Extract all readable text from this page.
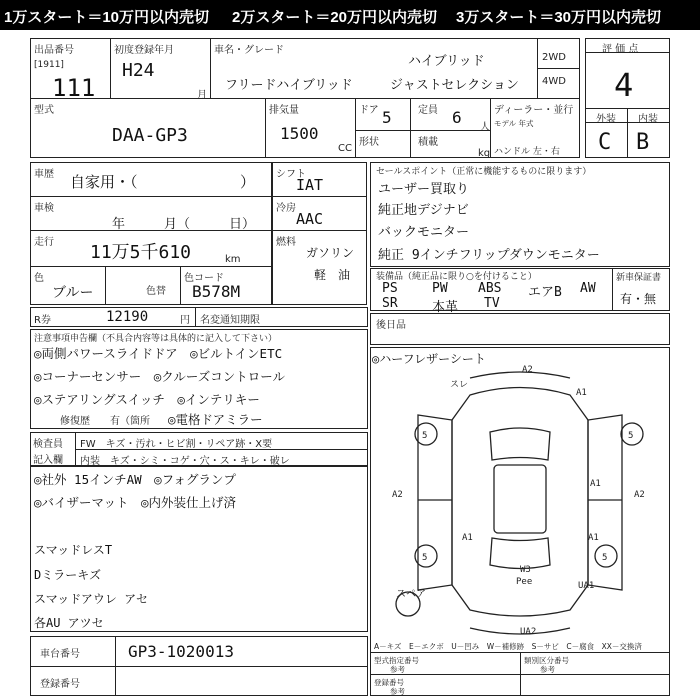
1万スタート＝10万円以内売切 2万スタート＝20万円以内売切 3万スタート＝30万円以内売切
出品番号
[1911]
111
初度登録年月
H24
月
車名・グレード
ハイブリッド
フリードハイブリッド	ジャストセレクション
2WD
4WD
型式
DAA-GP3
排気量
1500
CC
ドア 5	定員 6
人
形状	積載
kg
ディーラー・並行
モデル 年式
ハンドル 左・右
評 価 点
4
外装 内装
C B
車歴 自家用・（	）
車検
年　　　月（　　　日）
走行 11万5千610	km
色
ブルー	色替
色コード
B578M
シフト
IAT
冷房
AAC
燃料
ガソリン
軽　油
セールスポイント（正常に機能するものに限ります）
ユーザー買取り
純正地デジナビ
バックモニター
純正 9インチフリップダウンモニター
装備品（純正品に限り○を付けること）	新車保証書
有・無
PS	PW ABS エアB AW
SR	本革 TV
R券	12190	円 名変通知期限
注意事項申告欄（不具合内容等は具体的に記入して下さい）
◎両側パワースライドドア　◎ビルトインETC
◎コーナーセンサー　◎クルーズコントロール
◎ステアリングスイッチ　◎インテリキー
修復歴 有（箇所 ◎電格ドアミラー
検査員
記入欄
FW　キズ・汚れ・ヒビ割・リペア跡・X要
内装　キズ・シミ・コゲ・穴・ス・キレ・破レ
◎社外 15インチAW　◎フォグランプ
◎バイザーマット　◎内外装仕上げ済
スマッドレスT
Dミラーキズ
スマッドアウレ アセ
各AU アツセ
車台番号	GP3-1020013
登録番号
後日品
◎ハーフレザーシート
スペア
A－キズ　E－エクボ　U－凹み　W－補修跡　S－サビ　C－腐食　XX－交換済
型式指定番号
参考
類別区分番号
参考
登録番号
参考
スレ
A2
A1
A1
A2	A2
A1	A1
W3
Pee	UA1
UA2
5	5
5	5
